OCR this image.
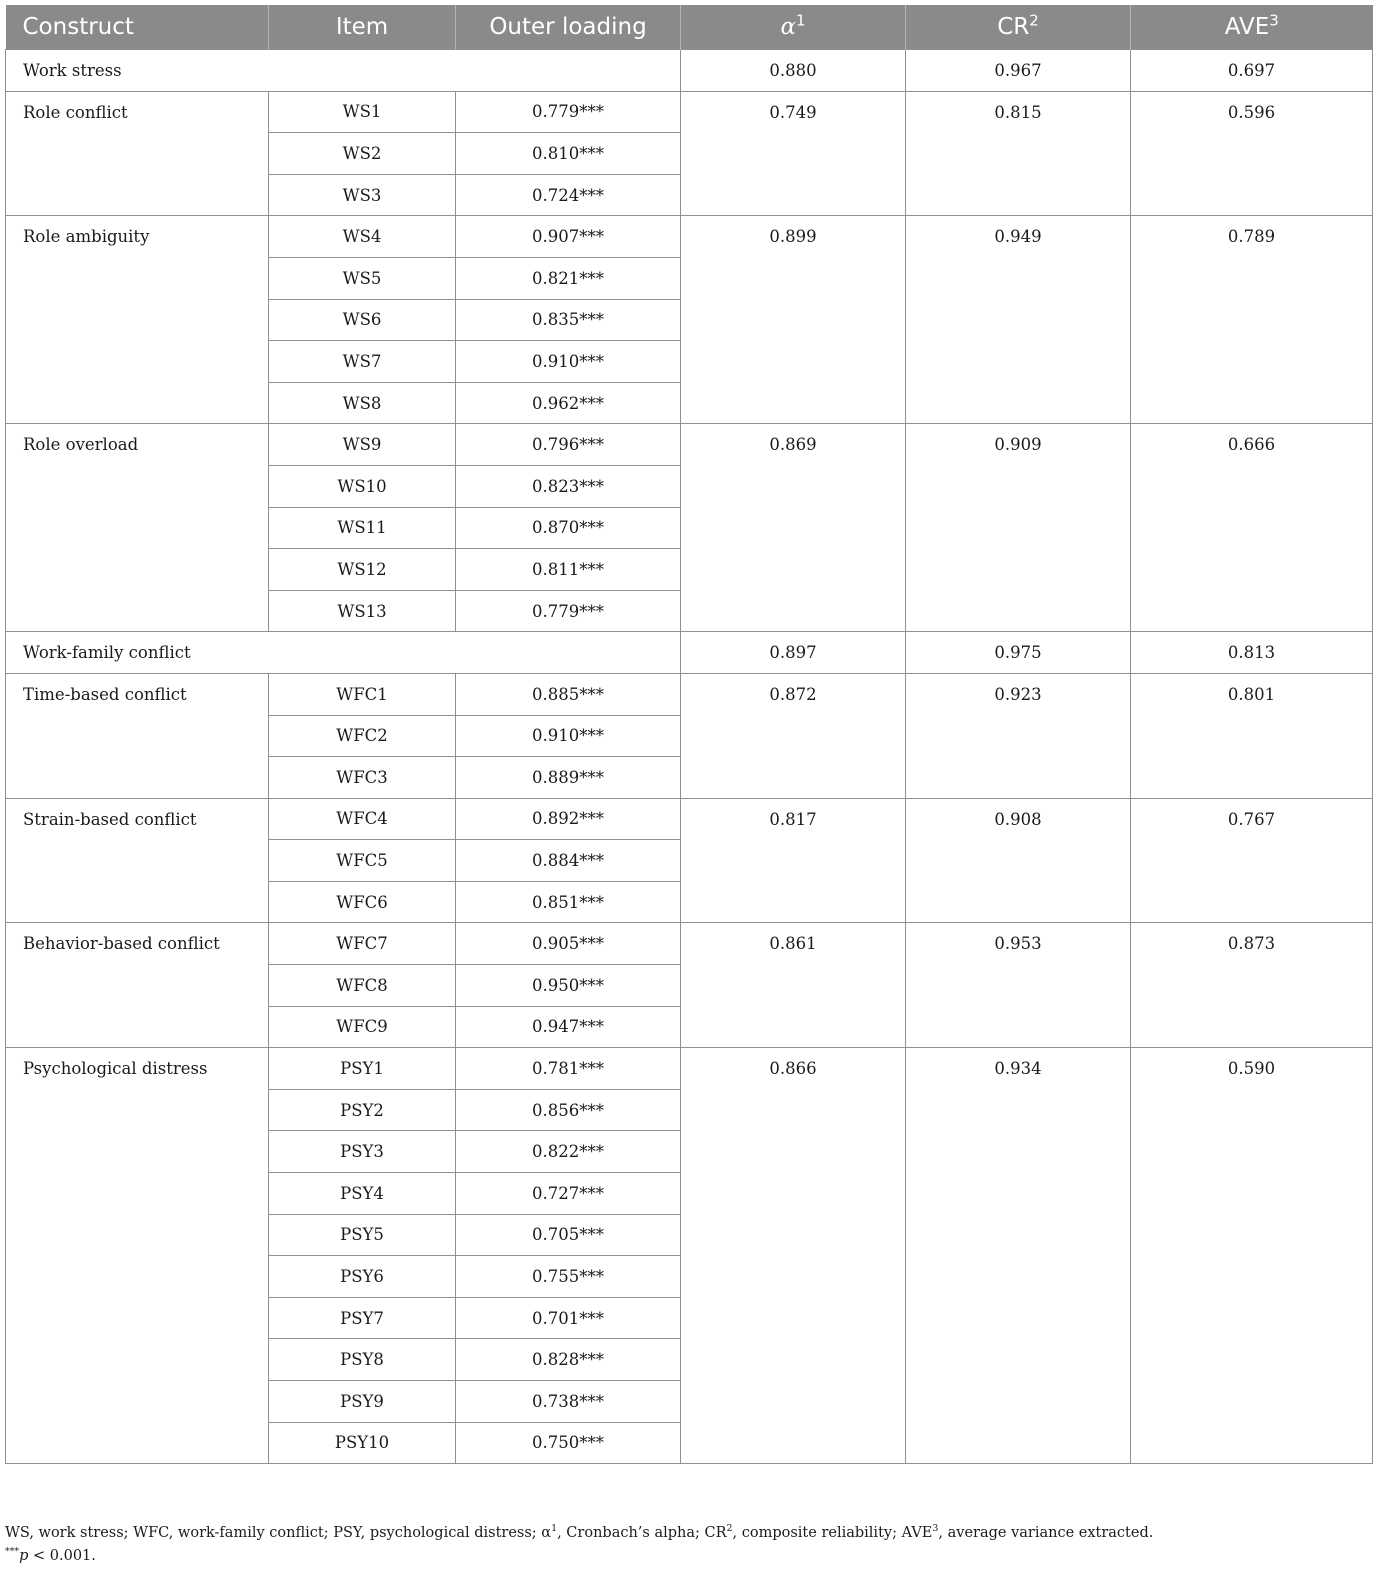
Construct	Item	Outer loading	$\alpha^1$	$CR^2$	AVE$^3$
Work stress			0.880	0.967	0.697
Role conflict	WS1	0.779***	0.749	0.815	0.596
	WS2	0.810***			
	WS3	0.724***			
Role ambiguity	WS4	0.907***	0.899	0.949	0.789
	WS5	0.821***			
	WS6	0.835***			
	WS7	0.910***			
	WS8	0.962***			
Role overload	WS9	0.796***	0.869	0.909	0.666
	WS10	0.823***			
	WS11	0.870***			
	WS12	0.811***			
	WS13	0.779***			
Work-family conflict			0.897	0.975	0.813
Time-based conflict	WFC1	0.885***	0.872	0.923	0.801
	WFC2	0.910***			
	WFC3	0.889***			
Strain-based conflict	WFC4	0.892***	0.817	0.908	0.767
	WFC5	0.884***			
	WFC6	0.851***			
Behavior-based conflict	WFC7	0.905***	0.861	0.953	0.873
	WFC8	0.950***			
	WFC9	0.947***			
Psychological distress	PSY1	0.781***	0.866	0.934	0.590
	PSY2	0.856***			
	PSY3	0.822***			
	PSY4	0.727***			
	PSY5	0.705***			
	PSY6	0.755***			
	PSY7	0.701***			
	PSY8	0.828***			
	PSY9	0.738***			
	PSY10	0.750***			
WS, work stress; WFC, work-family conflict; PSY, psychological distress; $\alpha^1$, Cronbach’s alpha; $CR^2$, composite reliability; AVE$^3$, average variance extracted.
***p < 0.001.
